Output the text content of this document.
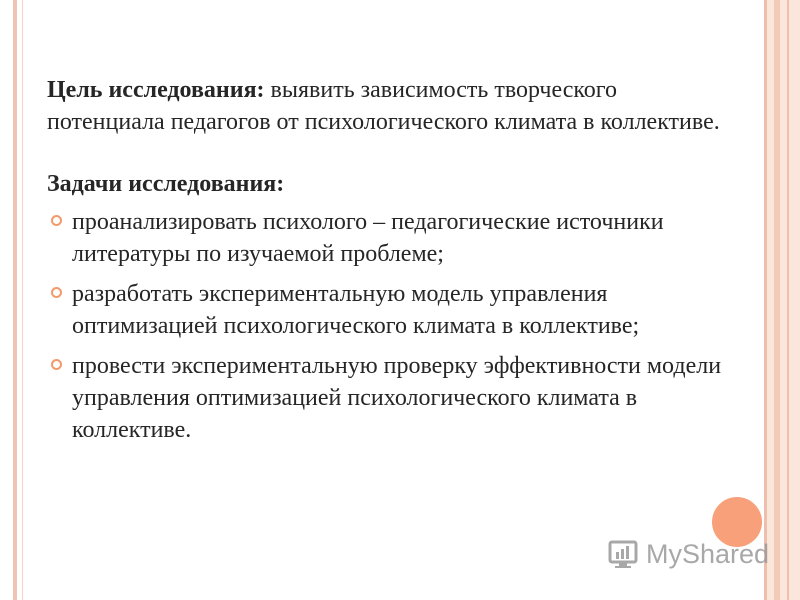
Цель исследования: выявить зависимость творческого потенциала педагогов от психологического климата в коллективе.

Задачи исследования:

проанализировать психолого – педагогические источники литературы по изучаемой проблеме;
разработать экспериментальную модель управления оптимизацией психологического климата в коллективе;
провести экспериментальную проверку эффективности модели управления оптимизацией психологического климата в коллективе.
MyShared
